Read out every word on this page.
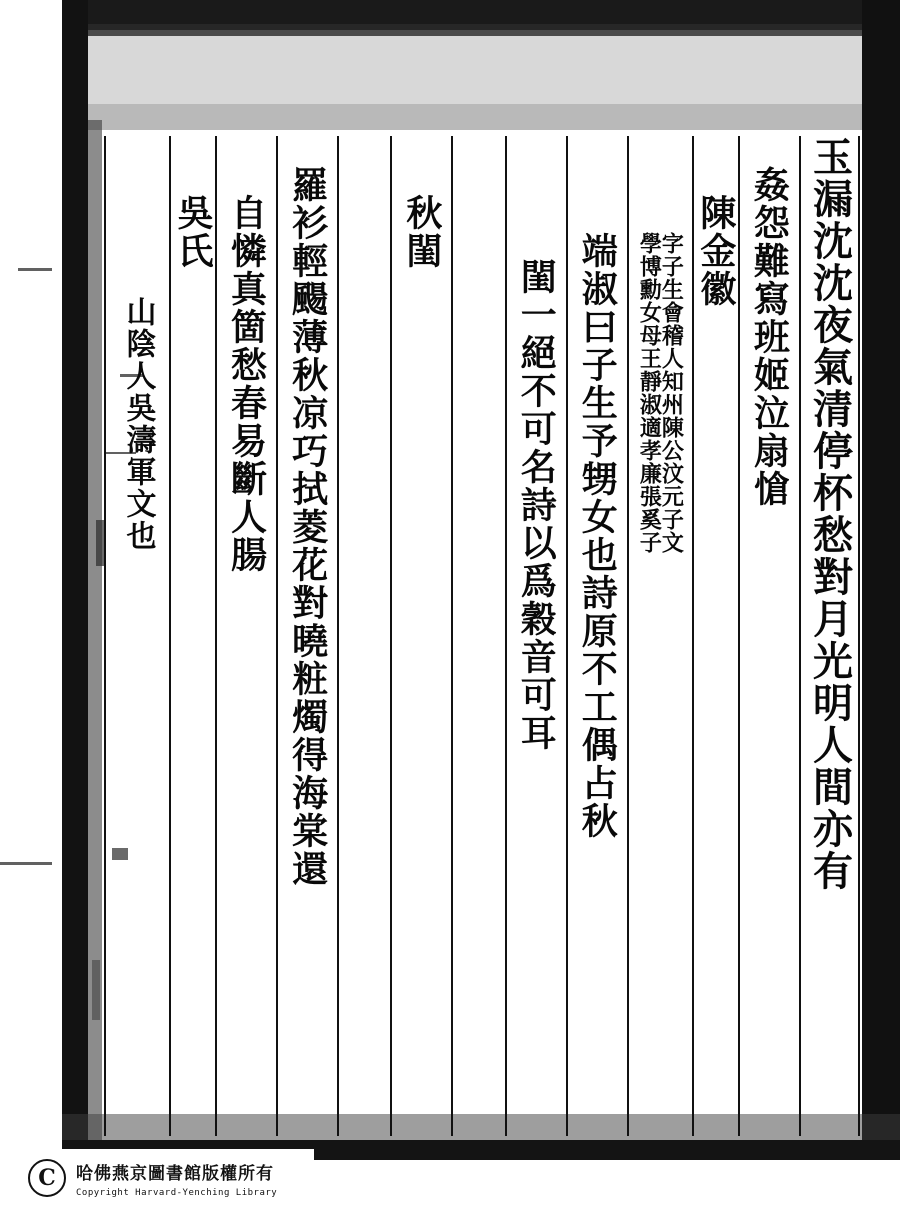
玉漏沈沈夜氣清停杯愁對月光明人間亦有
姦怨難寫班姬泣扇愴
陳金徽
字子生會稽人知州陳公汶元子文
學博勳女母王靜淑適孝廉張奚子
端淑曰子生予甥女也詩原不工偶占秋
閨一絕不可名詩以爲穀音可耳
秋閨
羅衫輕颺薄秋凉巧拭菱花對曉粧燭得海棠還
自憐真箇愁春易斷人腸
吳氏
山陰人吳濤軍文也
C	哈佛燕京圖書館版權所有
Copyright Harvard-Yenching Library
